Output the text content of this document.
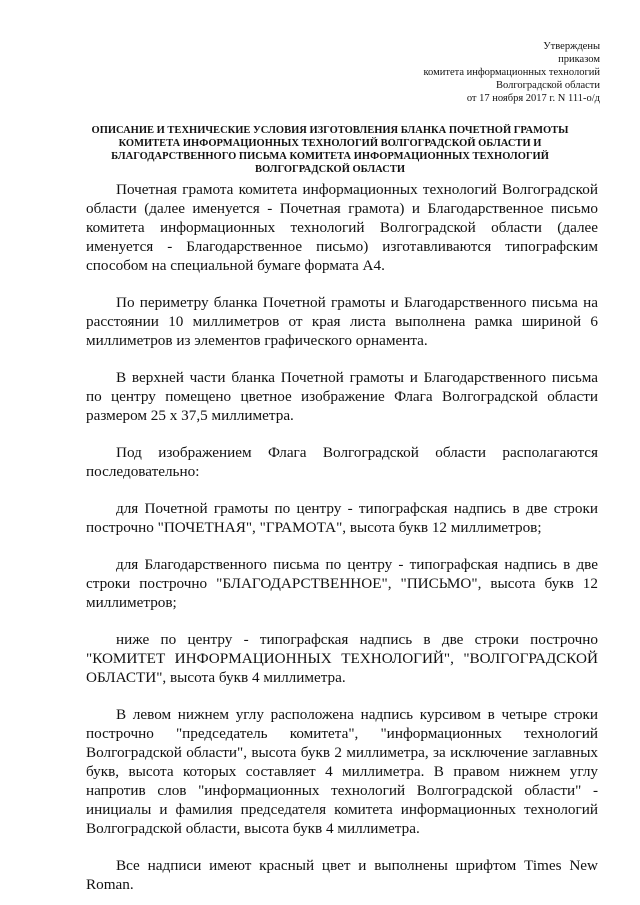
Утверждены
приказом
комитета информационных технологий
Волгоградской области
от 17 ноября 2017 г. N 111-о/д
ОПИСАНИЕ И ТЕХНИЧЕСКИЕ УСЛОВИЯ ИЗГОТОВЛЕНИЯ БЛАНКА ПОЧЕТНОЙ ГРАМОТЫ КОМИТЕТА ИНФОРМАЦИОННЫХ ТЕХНОЛОГИЙ ВОЛГОГРАДСКОЙ ОБЛАСТИ И БЛАГОДАРСТВЕННОГО ПИСЬМА КОМИТЕТА ИНФОРМАЦИОННЫХ ТЕХНОЛОГИЙ ВОЛГОГРАДСКОЙ ОБЛАСТИ

Почетная грамота комитета информационных технологий Волгоградской области (далее именуется - Почетная грамота) и Благодарственное письмо комитета информационных технологий Волгоградской области (далее именуется - Благодарственное письмо) изготавливаются типографским способом на специальной бумаге формата А4.

По периметру бланка Почетной грамоты и Благодарственного письма на расстоянии 10 миллиметров от края листа выполнена рамка шириной 6 миллиметров из элементов графического орнамента.

В верхней части бланка Почетной грамоты и Благодарственного письма по центру помещено цветное изображение Флага Волгоградской области размером 25 x 37,5 миллиметра.

Под изображением Флага Волгоградской области располагаются последовательно:

для Почетной грамоты по центру - типографская надпись в две строки построчно "ПОЧЕТНАЯ", "ГРАМОТА", высота букв 12 миллиметров;

для Благодарственного письма по центру - типографская надпись в две строки построчно "БЛАГОДАРСТВЕННОЕ", "ПИСЬМО", высота букв 12 миллиметров;

ниже по центру - типографская надпись в две строки построчно "КОМИТЕТ ИНФОРМАЦИОННЫХ ТЕХНОЛОГИЙ", "ВОЛГОГРАДСКОЙ ОБЛАСТИ", высота букв 4 миллиметра.

В левом нижнем углу расположена надпись курсивом в четыре строки построчно "председатель комитета", "информационных технологий Волгоградской области", высота букв 2 миллиметра, за исключение заглавных букв, высота которых составляет 4 миллиметра. В правом нижнем углу напротив слов "информационных технологий Волгоградской области" - инициалы и фамилия председателя комитета информационных технологий Волгоградской области, высота букв 4 миллиметра.

Все надписи имеют красный цвет и выполнены шрифтом Times New Roman.
